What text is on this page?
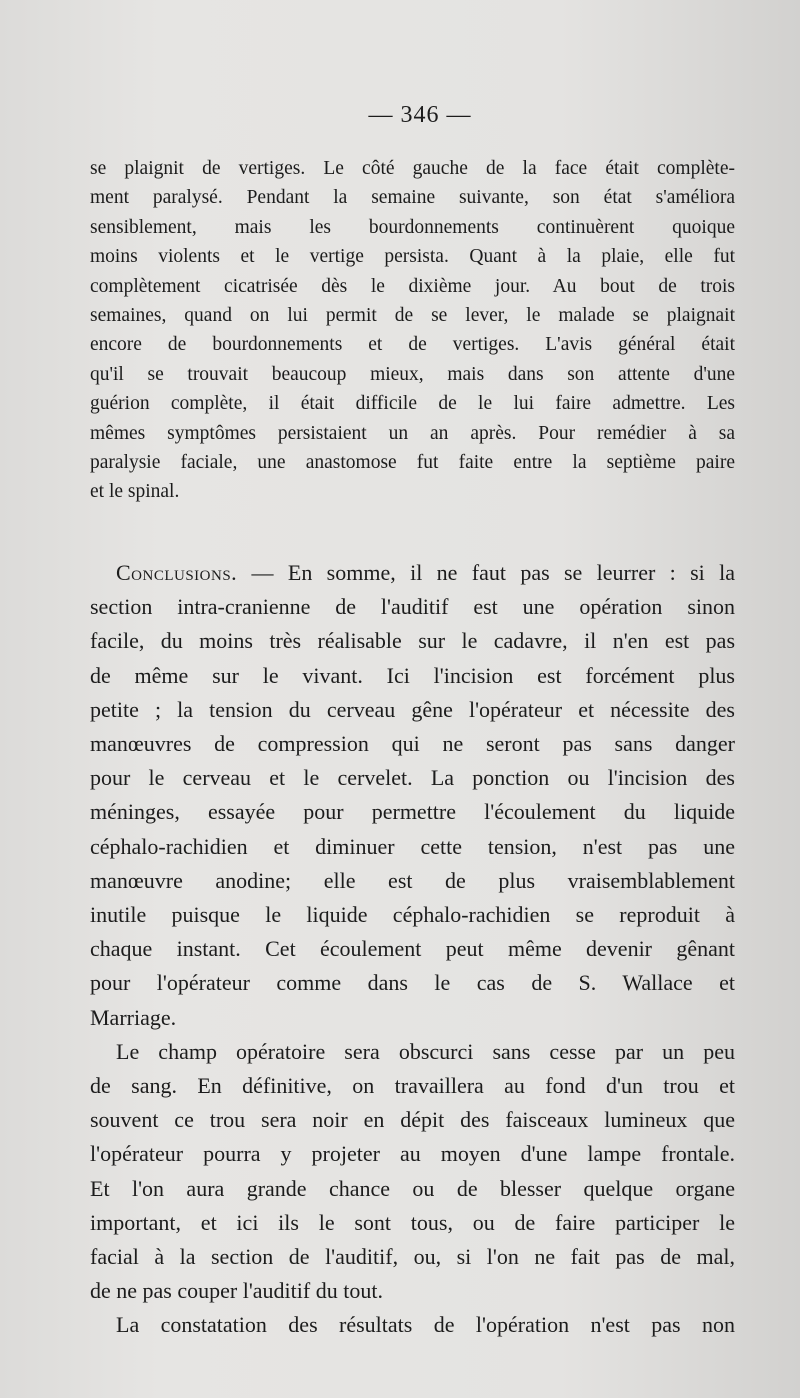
— 346 —
se plaignit de vertiges. Le côté gauche de la face était complète-
ment paralysé. Pendant la semaine suivante, son état s'améliora
sensiblement, mais les bourdonnements continuèrent quoique
moins violents et le vertige persista. Quant à la plaie, elle fut
complètement cicatrisée dès le dixième jour. Au bout de trois
semaines, quand on lui permit de se lever, le malade se plaignait
encore de bourdonnements et de vertiges. L'avis général était
qu'il se trouvait beaucoup mieux, mais dans son attente d'une
guérion complète, il était difficile de le lui faire admettre. Les
mêmes symptômes persistaient un an après. Pour remédier à sa
paralysie faciale, une anastomose fut faite entre la septième paire
et le spinal.
Conclusions. — En somme, il ne faut pas se leurrer : si la
section intra-cranienne de l'auditif est une opération sinon
facile, du moins très réalisable sur le cadavre, il n'en est pas
de même sur le vivant. Ici l'incision est forcément plus
petite ; la tension du cerveau gêne l'opérateur et nécessite des
manœuvres de compression qui ne seront pas sans danger
pour le cerveau et le cervelet. La ponction ou l'incision des
méninges, essayée pour permettre l'écoulement du liquide
céphalo-rachidien et diminuer cette tension, n'est pas une
manœuvre anodine; elle est de plus vraisemblablement
inutile puisque le liquide céphalo-rachidien se reproduit à
chaque instant. Cet écoulement peut même devenir gênant
pour l'opérateur comme dans le cas de S. Wallace et
Marriage.
Le champ opératoire sera obscurci sans cesse par un peu
de sang. En définitive, on travaillera au fond d'un trou et
souvent ce trou sera noir en dépit des faisceaux lumineux que
l'opérateur pourra y projeter au moyen d'une lampe frontale.
Et l'on aura grande chance ou de blesser quelque organe
important, et ici ils le sont tous, ou de faire participer le
facial à la section de l'auditif, ou, si l'on ne fait pas de mal,
de ne pas couper l'auditif du tout.
La constatation des résultats de l'opération n'est pas non
